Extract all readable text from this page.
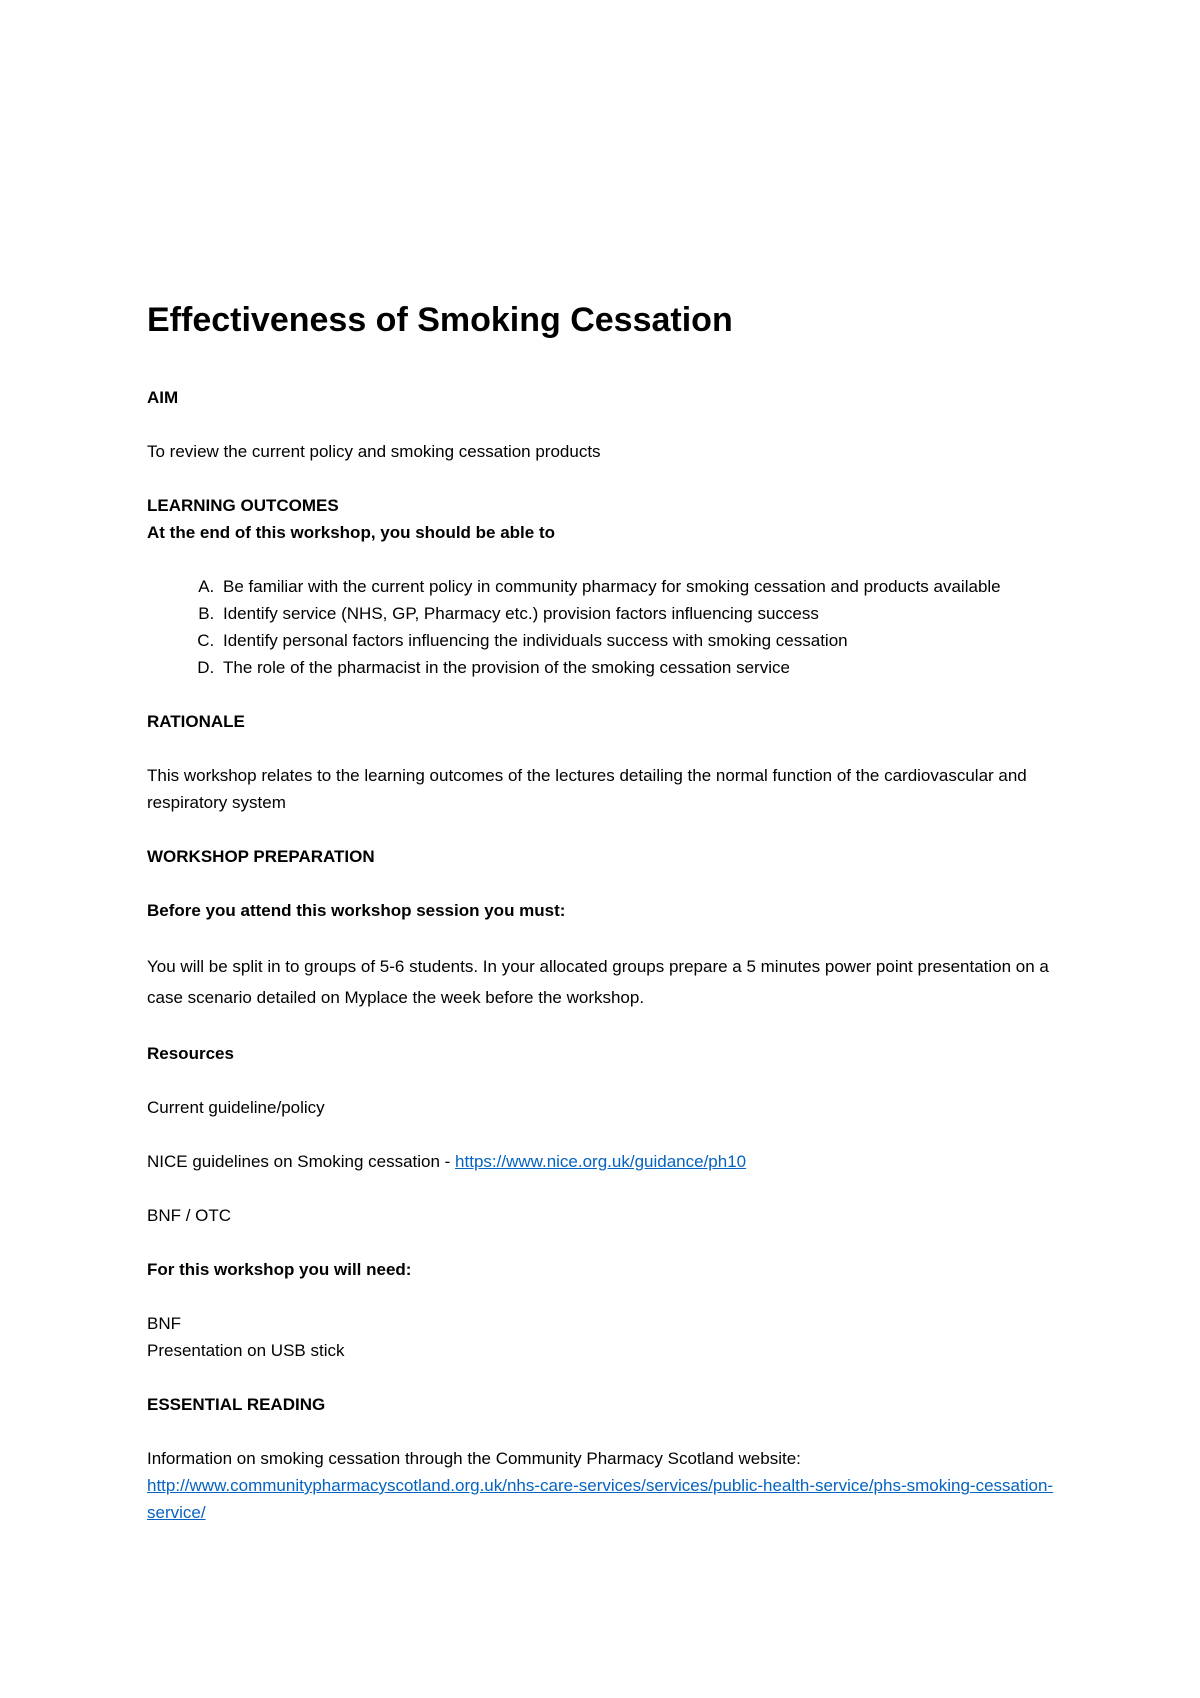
Effectiveness of Smoking Cessation

AIM

To review the current policy and smoking cessation products

LEARNING OUTCOMES

At the end of this workshop, you should be able to

A. Be familiar with the current policy in community pharmacy for smoking cessation and products available
B. Identify service (NHS, GP, Pharmacy etc.) provision factors influencing success
C. Identify personal factors influencing the individuals success with smoking cessation
D. The role of the pharmacist in the provision of the smoking cessation service

RATIONALE

This workshop relates to the learning outcomes of the lectures detailing the normal function of the cardiovascular and respiratory system

WORKSHOP PREPARATION

Before you attend this workshop session you must:

You will be split in to groups of 5-6 students. In your allocated groups prepare a 5 minutes power point presentation on a case scenario detailed on Myplace the week before the workshop.

Resources

Current guideline/policy

NICE guidelines on Smoking cessation - https://www.nice.org.uk/guidance/ph10

BNF / OTC

For this workshop you will need:

BNF

Presentation on USB stick

ESSENTIAL READING

Information on smoking cessation through the Community Pharmacy Scotland website:

http://www.communitypharmacyscotland.org.uk/nhs-care-services/services/public-health-service/phs-smoking-cessation-service/
